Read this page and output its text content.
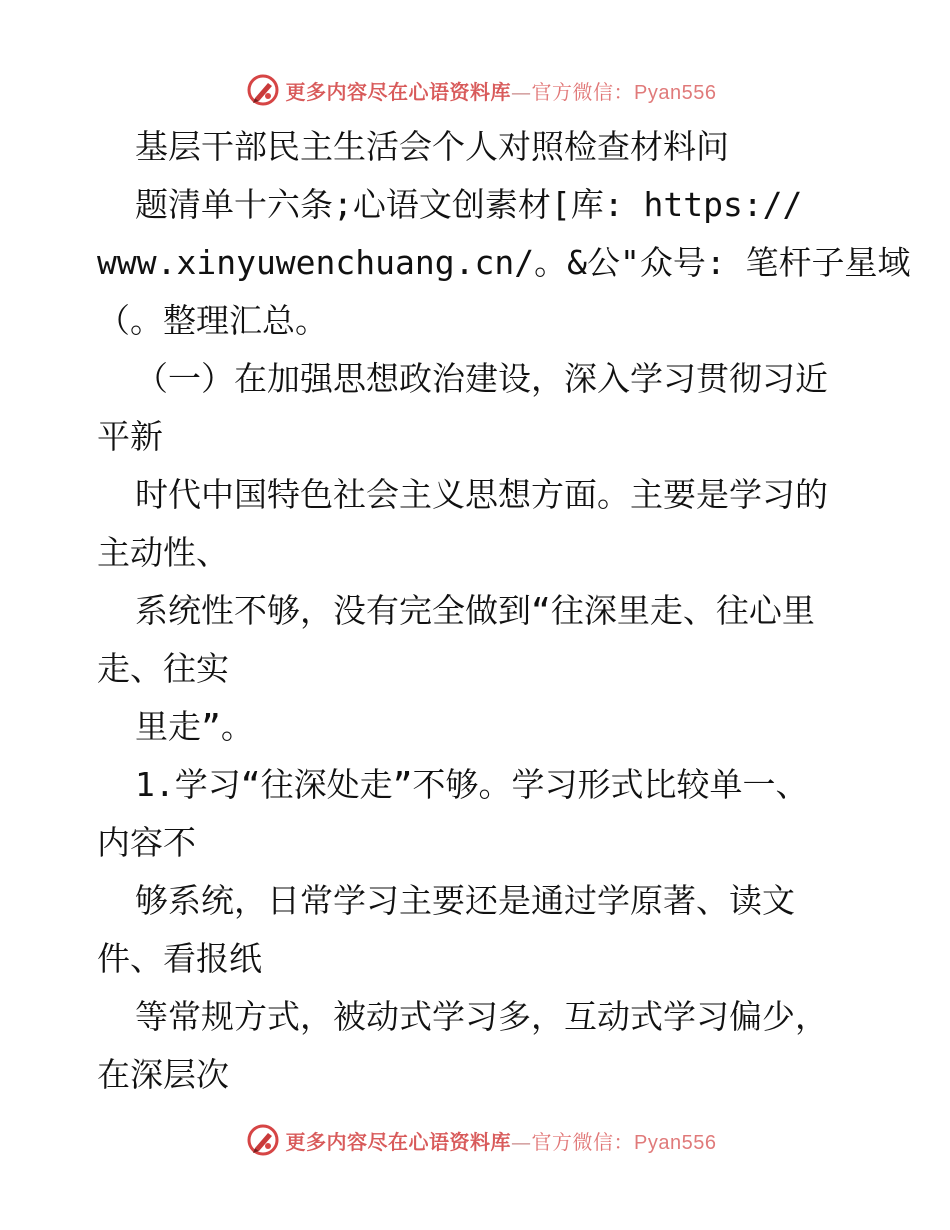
更多内容尽在心语资料库—官方微信：Pyan556
基层干部民主生活会个人对照检查材料问
题清单十六条;心语文创素材[库: https://
www.xinyuwenchuang.cn/。&公"众号: 笔杆子星域
（。整理汇总。
（一）在加强思想政治建设，深入学习贯彻习近
平新
时代中国特色社会主义思想方面。主要是学习的
主动性、
系统性不够，没有完全做到“往深里走、往心里
走、往实
里走”。
1.学习“往深处走”不够。学习形式比较单一、
内容不
够系统，日常学习主要还是通过学原著、读文
件、看报纸
等常规方式，被动式学习多，互动式学习偏少，
在深层次
更多内容尽在心语资料库—官方微信：Pyan556
